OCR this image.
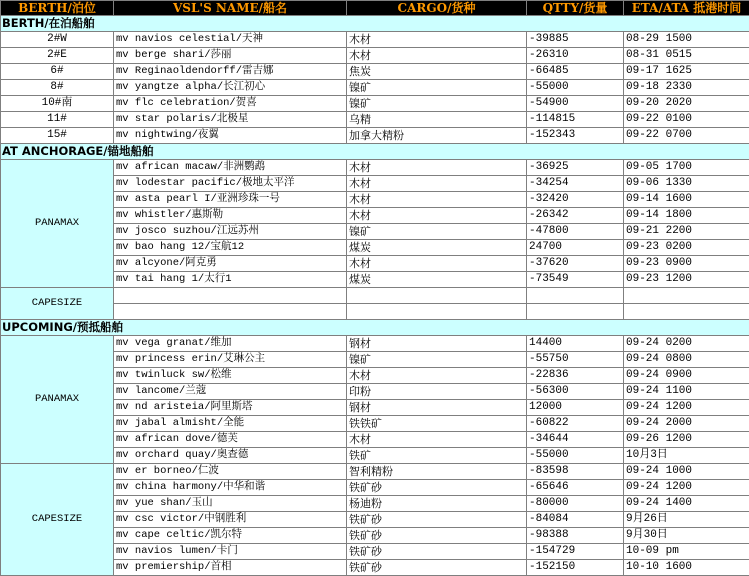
BERTH/泊位	VSL'S NAME/船名	CARGO/货种	QTTY/货量	ETA/ATA 抵港时间
BERTH/在泊船舶				
2#W	mv navios celestial/天神	木材	-39885	08-29 1500
2#E	mv berge shari/莎丽	木材	-26310	08-31 0515
6#	mv Reginaoldendorff/雷吉娜	焦炭	-66485	09-17 1625
8#	mv yangtze alpha/长江初心	镍矿	-55000	09-18 2330
10#南	mv flc celebration/贺喜	镍矿	-54900	09-20 2020
11#	mv star polaris/北极星	乌精	-114815	09-22 0100
15#	mv nightwing/夜翼	加拿大精粉	-152343	09-22 0700
AT ANCHORAGE/锚地船舶				
PANAMAX	mv african macaw/非洲鹦鹉	木材	-36925	09-05 1700
	mv lodestar pacific/极地太平洋	木材	-34254	09-06 1330
	mv asta pearl I/亚洲珍珠一号	木材	-32420	09-14 1600
	mv whistler/惠斯勒	木材	-26342	09-14 1800
	mv josco suzhou/江远苏州	镍矿	-47800	09-21 2200
	mv bao hang 12/宝航12	煤炭	24700	09-23 0200
	mv alcyone/阿克勇	木材	-37620	09-23 0900
	mv tai hang 1/太行1	煤炭	-73549	09-23 1200
CAPESIZE				

UPCOMING/预抵船舶				
PANAMAX	mv vega granat/维加	钢材	14400	09-24 0200
	mv princess erin/艾琳公主	镍矿	-55750	09-24 0800
	mv twinluck sw/松维	木材	-22836	09-24 0900
	mv lancome/兰蔻	印粉	-56300	09-24 1100
	mv nd aristeia/阿里斯塔	钢材	12000	09-24 1200
	mv jabal almisht/全能	铁铁矿	-60822	09-24 2000
	mv african dove/德芙	木材	-34644	09-26 1200
	mv orchard quay/奥查德	铁矿	-55000	10月3日
CAPESIZE	mv er borneo/仁波	智利精粉	-83598	09-24 1000
	mv china harmony/中华和谐	铁矿砂	-65646	09-24 1200
	mv yue shan/玉山	杨迪粉	-80000	09-24 1400
	mv csc victor/中钢胜利	铁矿砂	-84084	9月26日
	mv cape celtic/凯尔特	铁矿砂	-98388	9月30日
	mv navios lumen/卡门	铁矿砂	-154729	10-09 pm
	mv premiership/首相	铁矿砂	-152150	10-10 1600
